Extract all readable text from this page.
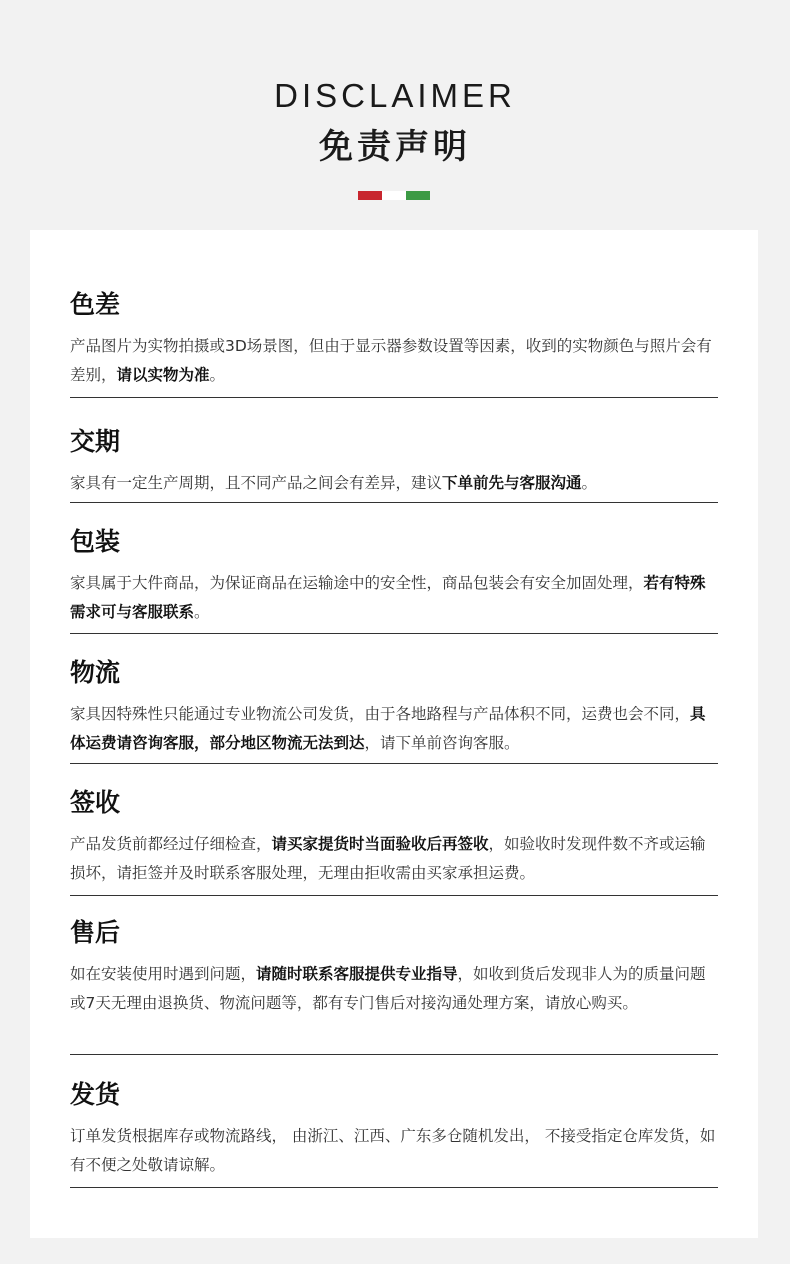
DISCLAIMER
免责声明
色差

产品图片为实物拍摄或3D场景图，但由于显示器参数设置等因素，收到的实物颜色与照片会有差别，请以实物为准。

交期

家具有一定生产周期，且不同产品之间会有差异，建议下单前先与客服沟通。

包装

家具属于大件商品，为保证商品在运输途中的安全性，商品包装会有安全加固处理，若有特殊需求可与客服联系。

物流

家具因特殊性只能通过专业物流公司发货，由于各地路程与产品体积不同，运费也会不同，具体运费请咨询客服，部分地区物流无法到达，请下单前咨询客服。

签收

产品发货前都经过仔细检查，请买家提货时当面验收后再签收，如验收时发现件数不齐或运输损坏，请拒签并及时联系客服处理，无理由拒收需由买家承担运费。

售后

如在安装使用时遇到问题，请随时联系客服提供专业指导，如收到货后发现非人为的质量问题或7天无理由退换货、物流问题等，都有专门售后对接沟通处理方案，请放心购买。

发货

订单发货根据库存或物流路线， 由浙江、江西、广东多仓随机发出， 不接受指定仓库发货，如有不便之处敬请谅解。
